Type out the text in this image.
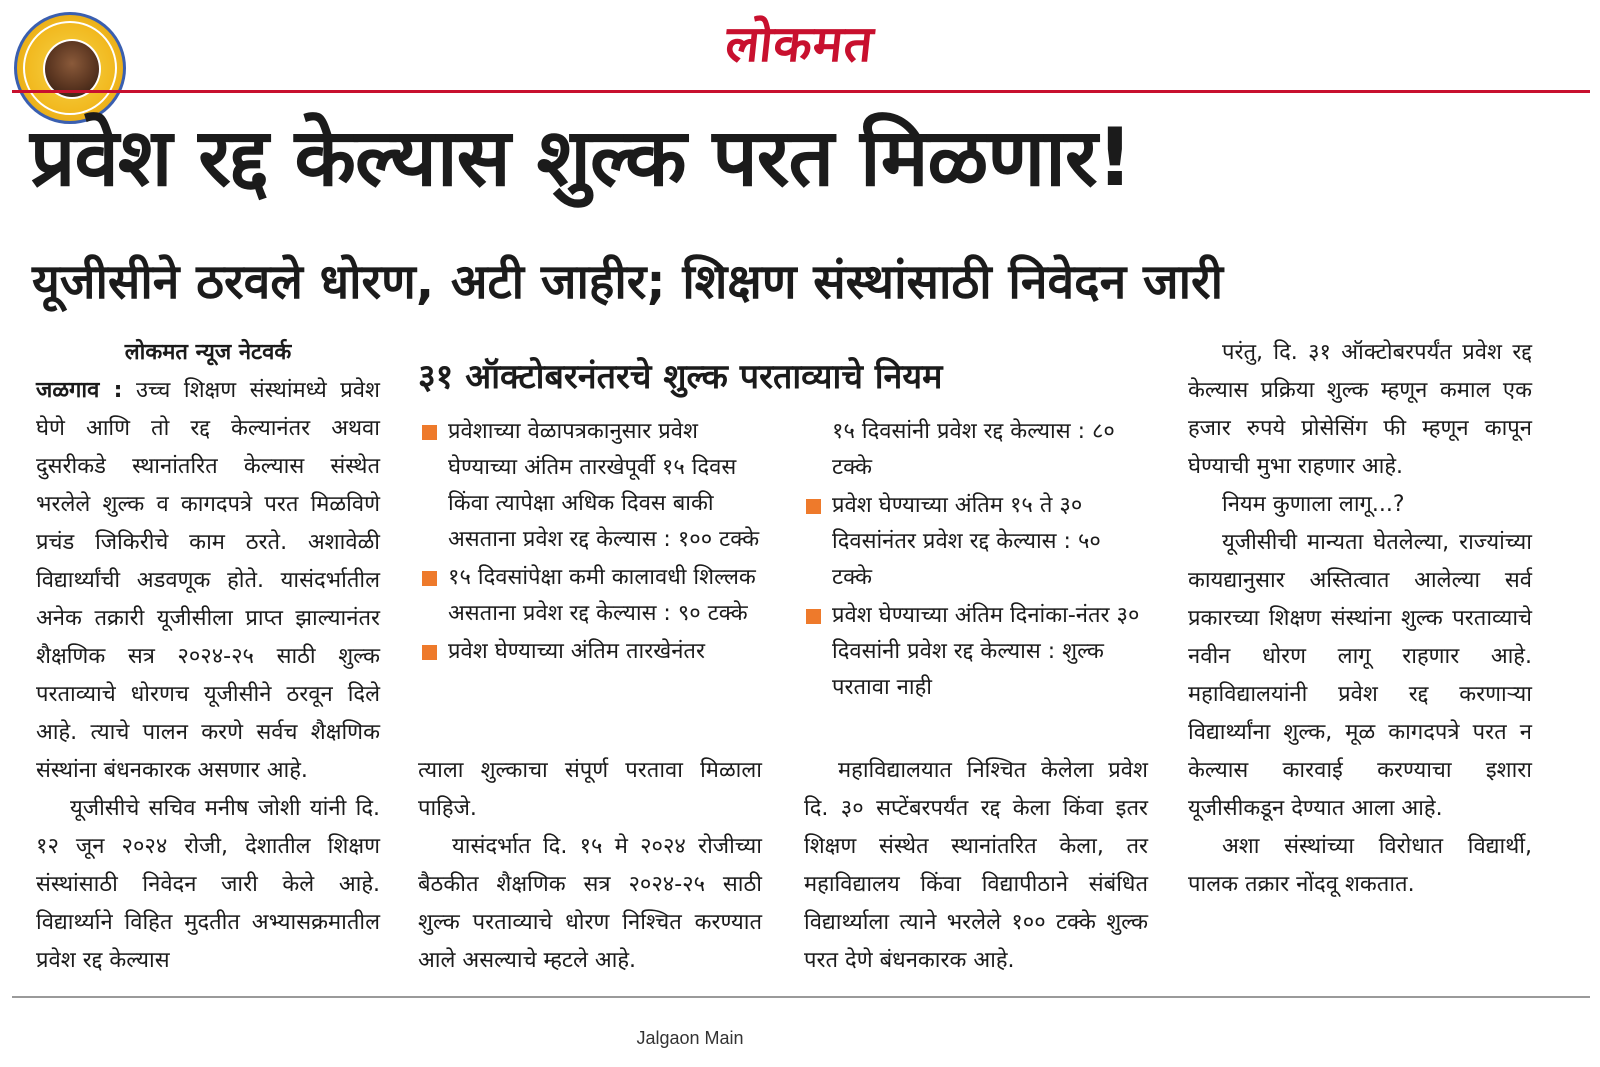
लोकमत
प्रवेश रद्द केल्यास शुल्क परत मिळणार!
यूजीसीने ठरवले धोरण, अटी जाहीर; शिक्षण संस्थांसाठी निवेदन जारी

लोकमत न्यूज नेटवर्क

जळगाव : उच्च शिक्षण संस्थांमध्ये प्रवेश घेणे आणि तो रद्द केल्यानंतर अथवा दुसरीकडे स्थानांतरित केल्यास संस्थेत भरलेले शुल्क व कागदपत्रे परत मिळविणे प्रचंड जिकिरीचे काम ठरते. अशावेळी विद्यार्थ्यांची अडवणूक होते. यासंदर्भातील अनेक तक्रारी यूजीसीला प्राप्त झाल्यानंतर शैक्षणिक सत्र २०२४-२५ साठी शुल्क परताव्याचे धोरणच यूजीसीने ठरवून दिले आहे. त्याचे पालन करणे सर्वच शैक्षणिक संस्थांना बंधनकारक असणार आहे.

यूजीसीचे सचिव मनीष जोशी यांनी दि. १२ जून २०२४ रोजी, देशातील शिक्षण संस्थांसाठी निवेदन जारी केले आहे. विद्यार्थ्याने विहित मुदतीत अभ्यासक्रमातील प्रवेश रद्द केल्यास

३१ ऑक्टोबरनंतरचे शुल्क परताव्याचे नियम
प्रवेशाच्या वेळापत्रकानुसार प्रवेश घेण्याच्या अंतिम तारखेपूर्वी १५ दिवस किंवा त्यापेक्षा अधिक दिवस बाकी असताना प्रवेश रद्द केल्यास : १०० टक्के
१५ दिवसांपेक्षा कमी कालावधी शिल्लक असताना प्रवेश रद्द केल्यास : ९० टक्के
प्रवेश घेण्याच्या अंतिम तारखेनंतर
१५ दिवसांनी प्रवेश रद्द केल्यास : ८० टक्के
प्रवेश घेण्याच्या अंतिम १५ ते ३० दिवसांनंतर प्रवेश रद्द केल्यास : ५० टक्के
प्रवेश घेण्याच्या अंतिम दिनांका-नंतर ३० दिवसांनी प्रवेश रद्द केल्यास : शुल्क परतावा नाही

त्याला शुल्काचा संपूर्ण परतावा मिळाला पाहिजे.

यासंदर्भात दि. १५ मे २०२४ रोजीच्या बैठकीत शैक्षणिक सत्र २०२४-२५ साठी शुल्क परताव्याचे धोरण निश्चित करण्यात आले असल्याचे म्हटले आहे.

महाविद्यालयात निश्चित केलेला प्रवेश दि. ३० सप्टेंबरपर्यंत रद्द केला किंवा इतर शिक्षण संस्थेत स्थानांतरित केला, तर महाविद्यालय किंवा विद्यापीठाने संबंधित विद्यार्थ्याला त्याने भरलेले १०० टक्के शुल्क परत देणे बंधनकारक आहे.

परंतु, दि. ३१ ऑक्टोबरपर्यंत प्रवेश रद्द केल्यास प्रक्रिया शुल्क म्हणून कमाल एक हजार रुपये प्रोसेसिंग फी म्हणून कापून घेण्याची मुभा राहणार आहे.

नियम कुणाला लागू...?

यूजीसीची मान्यता घेतलेल्या, राज्यांच्या कायद्यानुसार अस्तित्वात आलेल्या सर्व प्रकारच्या शिक्षण संस्थांना शुल्क परताव्याचे नवीन धोरण लागू राहणार आहे. महाविद्यालयांनी प्रवेश रद्द करणाऱ्या विद्यार्थ्यांना शुल्क, मूळ कागदपत्रे परत न केल्यास कारवाई करण्याचा इशारा यूजीसीकडून देण्यात आला आहे.

अशा संस्थांच्या विरोधात विद्यार्थी, पालक तक्रार नोंदवू शकतात.

Jalgaon Main
